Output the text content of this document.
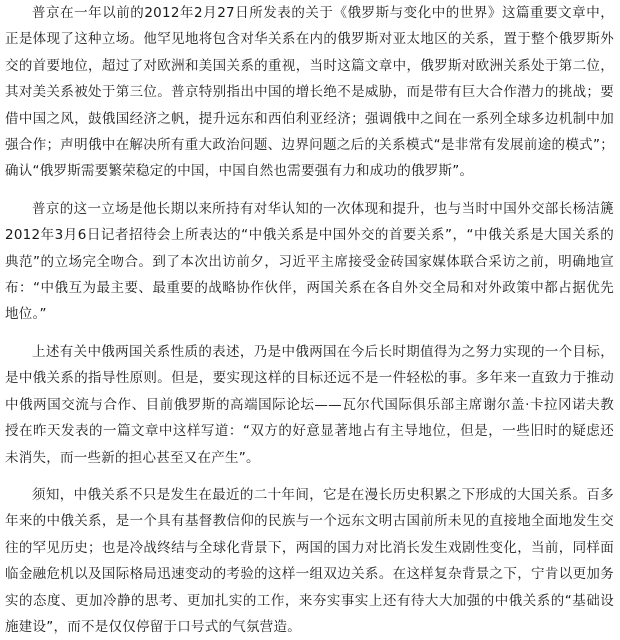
普京在一年以前的2012年2月27日所发表的关于《俄罗斯与变化中的世界》这篇重要文章中，正是体现了这种立场。他罕见地将包含对华关系在内的俄罗斯对亚太地区的关系，置于整个俄罗斯外交的首要地位，超过了对欧洲和美国关系的重视，当时这篇文章中，俄罗斯对欧洲关系处于第二位，其对美关系被处于第三位。普京特别指出中国的增长绝不是威胁，而是带有巨大合作潜力的挑战；要借中国之风，鼓俄国经济之帆，提升远东和西伯利亚经济；强调俄中之间在一系列全球多边机制中加强合作；声明俄中在解决所有重大政治问题、边界问题之后的关系模式“是非常有发展前途的模式”；确认“俄罗斯需要繁荣稳定的中国，中国自然也需要强有力和成功的俄罗斯”。

普京的这一立场是他长期以来所持有对华认知的一次体现和提升，也与当时中国外交部长杨洁篪2012年3月6日记者招待会上所表达的“中俄关系是中国外交的首要关系”，“中俄关系是大国关系的典范”的立场完全吻合。到了本次出访前夕，习近平主席接受金砖国家媒体联合采访之前，明确地宣布：“中俄互为最主要、最重要的战略协作伙伴，两国关系在各自外交全局和对外政策中都占据优先地位。”

上述有关中俄两国关系性质的表述，乃是中俄两国在今后长时期值得为之努力实现的一个目标，是中俄关系的指导性原则。但是，要实现这样的目标还远不是一件轻松的事。多年来一直致力于推动中俄两国交流与合作、目前俄罗斯的高端国际论坛——瓦尔代国际俱乐部主席谢尔盖·卡拉冈诺夫教授在昨天发表的一篇文章中这样写道：“双方的好意显著地占有主导地位，但是，一些旧时的疑虑还未消失，而一些新的担心甚至又在产生”。

须知，中俄关系不只是发生在最近的二十年间，它是在漫长历史积累之下形成的大国关系。百多年来的中俄关系，是一个具有基督教信仰的民族与一个远东文明古国前所未见的直接地全面地发生交往的罕见历史；也是冷战终结与全球化背景下，两国的国力对比消长发生戏剧性变化，当前，同样面临金融危机以及国际格局迅速变动的考验的这样一组双边关系。在这样复杂背景之下，宁肯以更加务实的态度、更加冷静的思考、更加扎实的工作，来夯实事实上还有待大大加强的中俄关系的“基础设施建设”，而不是仅仅停留于口号式的气氛营造。
